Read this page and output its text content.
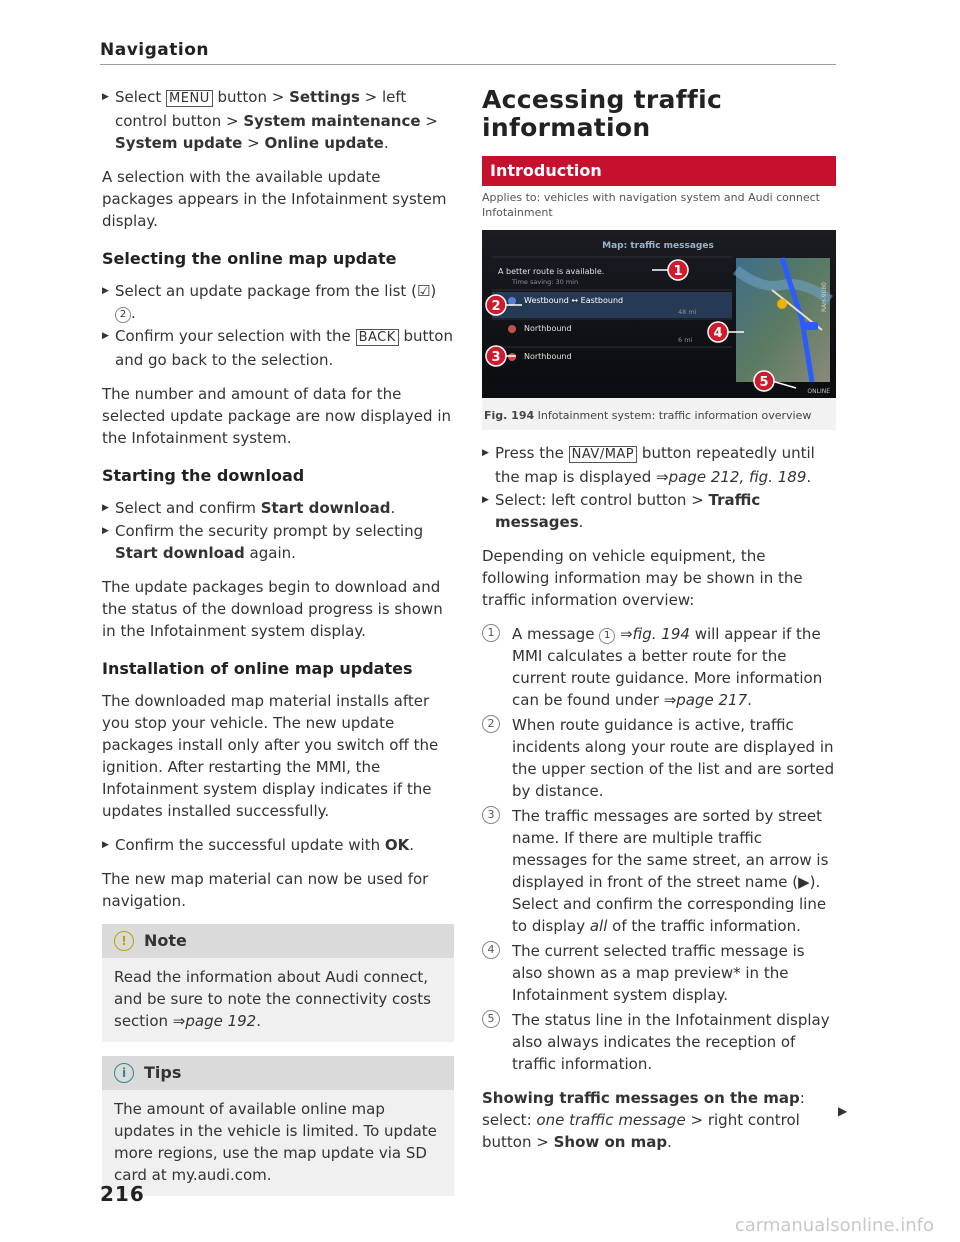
Navigation
▶ Select MENU button > Settings > left control button > System maintenance > System update > Online update.

A selection with the available update packages appears in the Infotainment system display.

Selecting the online map update
▶ Select an update package from the list (☑) 2 .
▶ Confirm your selection with the BACK button and go back to the selection.

The number and amount of data for the selected update package are now displayed in the Infotainment system.

Starting the download
▶ Select and confirm Start download.
▶ Confirm the security prompt by selecting Start download again.

The update packages begin to download and the status of the download progress is shown in the Infotainment system display.

Installation of online map updates

The downloaded map material installs after you stop your vehicle. The new update packages install only after you switch off the ignition. After restarting the MMI, the Infotainment system display indicates if the updates installed successfully.

▶ Confirm the successful update with OK.

The new map material can now be used for navigation.

!	Note
Read the information about Audi connect, and be sure to note the connectivity costs section ⇒page 192.
i	Tips
The amount of available online map updates in the vehicle is limited. To update more regions, use the map update via SD card at my.audi.com.
216
Accessing traffic information
Introduction
Applies to: vehicles with navigation system and Audi connect Infotainment
Map: traffic messages
RAH-9080
A better route is available.
Time saving: 30 min
Westbound ↔ Eastbound
48 mi
Northbound
6 mi
Northbound
ONLINE
1
2
3
4
5
Fig. 194 Infotainment system: traffic information overview
▶ Press the NAV/MAP button repeatedly until the map is displayed ⇒page 212, fig. 189.
▶ Select: left control button > Traffic messages.

Depending on vehicle equipment, the following information may be shown in the traffic information overview:

1	A message 1 ⇒fig. 194 will appear if the MMI calculates a better route for the current route guidance. More information can be found under ⇒page 217.
2	When route guidance is active, traffic incidents along your route are displayed in the upper section of the list and are sorted by distance.
3	The traffic messages are sorted by street name. If there are multiple traffic messages for the same street, an arrow is displayed in front of the street name (▶). Select and confirm the corresponding line to display all of the traffic information.
4	The current selected traffic message is also shown as a map preview* in the Infotainment system display.
5	The status line in the Infotainment display also always indicates the reception of traffic information.

Showing traffic messages on the map: select: one traffic message > right control button > Show on map.

▶
carmanualsonline.info
